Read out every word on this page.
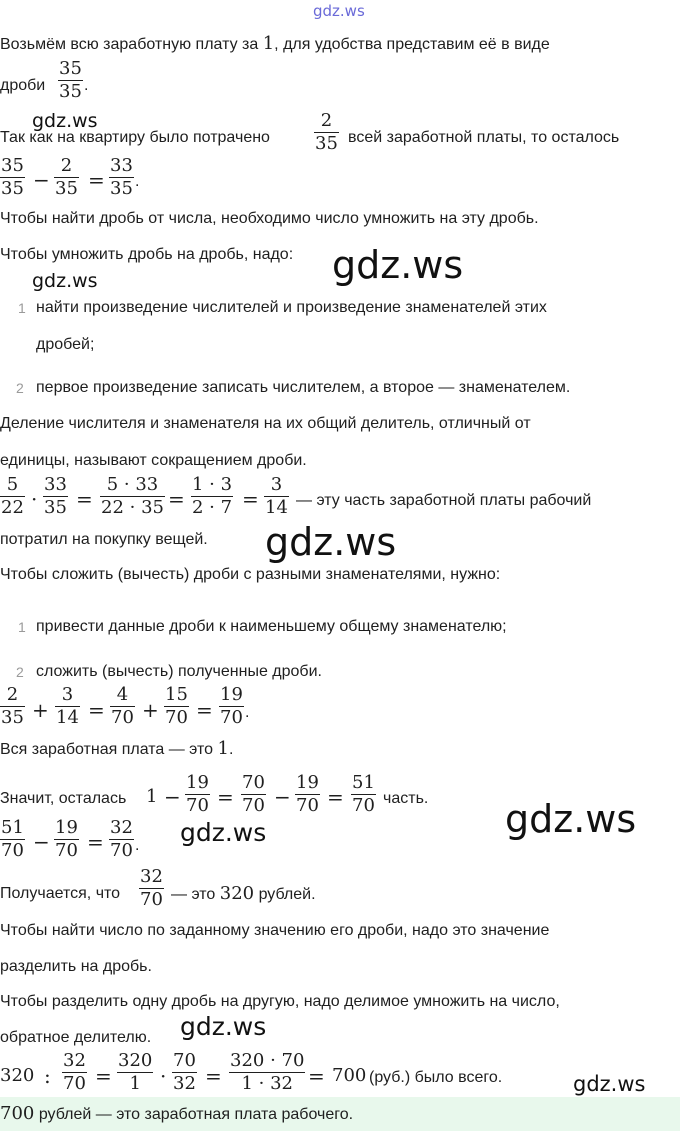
gdz.ws
gdz.ws
gdz.ws	gdz.ws
gdz.ws
gdz.ws
gdz.ws
gdz.ws
gdz.ws
Возьмём всю заработную плату за 1, для удобства представим её в виде
дроби $\frac{35}{35}$ .
Так как на квартиру было потрачено $\frac{2}{35}$ всей заработной платы, то осталось
$\frac{35}{35} - \frac{2}{35} = \frac{33}{35}$ .
Чтобы найти дробь от числа, необходимо число умножить на эту дробь.
Чтобы умножить дробь на дробь, надо:
1 найти произведение числителей и произведение знаменателей этих
дробей;
2 первое произведение записать числителем, а второе — знаменателем.
Деление числителя и знаменателя на их общий делитель, отличный от
единицы, называют сокращением дроби.
$\frac{5}{22} \cdot \frac{33}{35} = \frac{5 \cdot 33}{22 \cdot 35} = \frac{1 \cdot 3}{2 \cdot 7} = \frac{3}{14}$ — эту часть заработной платы рабочий
потратил на покупку вещей.
Чтобы сложить (вычесть) дроби с разными знаменателями, нужно:
1 привести данные дроби к наименьшему общему знаменателю;
2 сложить (вычесть) полученные дроби.
$\frac{2}{35} + \frac{3}{14} = \frac{4}{70} + \frac{15}{70} = \frac{19}{70}$ .
Вся заработная плата — это 1.
Значит, осталась $1 - \frac{19}{70} = \frac{70}{70} - \frac{19}{70} = \frac{51}{70}$ часть.
$\frac{51}{70} - \frac{19}{70} = \frac{32}{70}$ .
Получается, что $\frac{32}{70}$ — это 320 рублей.
Чтобы найти число по заданному значению его дроби, надо это значение
разделить на дробь.
Чтобы разделить одну дробь на другую, надо делимое умножить на число,
обратное делителю.
320 : $\frac{32}{70} = \frac{320}{1} \cdot \frac{70}{32} = \frac{320 \cdot 70}{1 \cdot 32} = 700$ (руб.) было всего.
700 рублей — это заработная плата рабочего.
